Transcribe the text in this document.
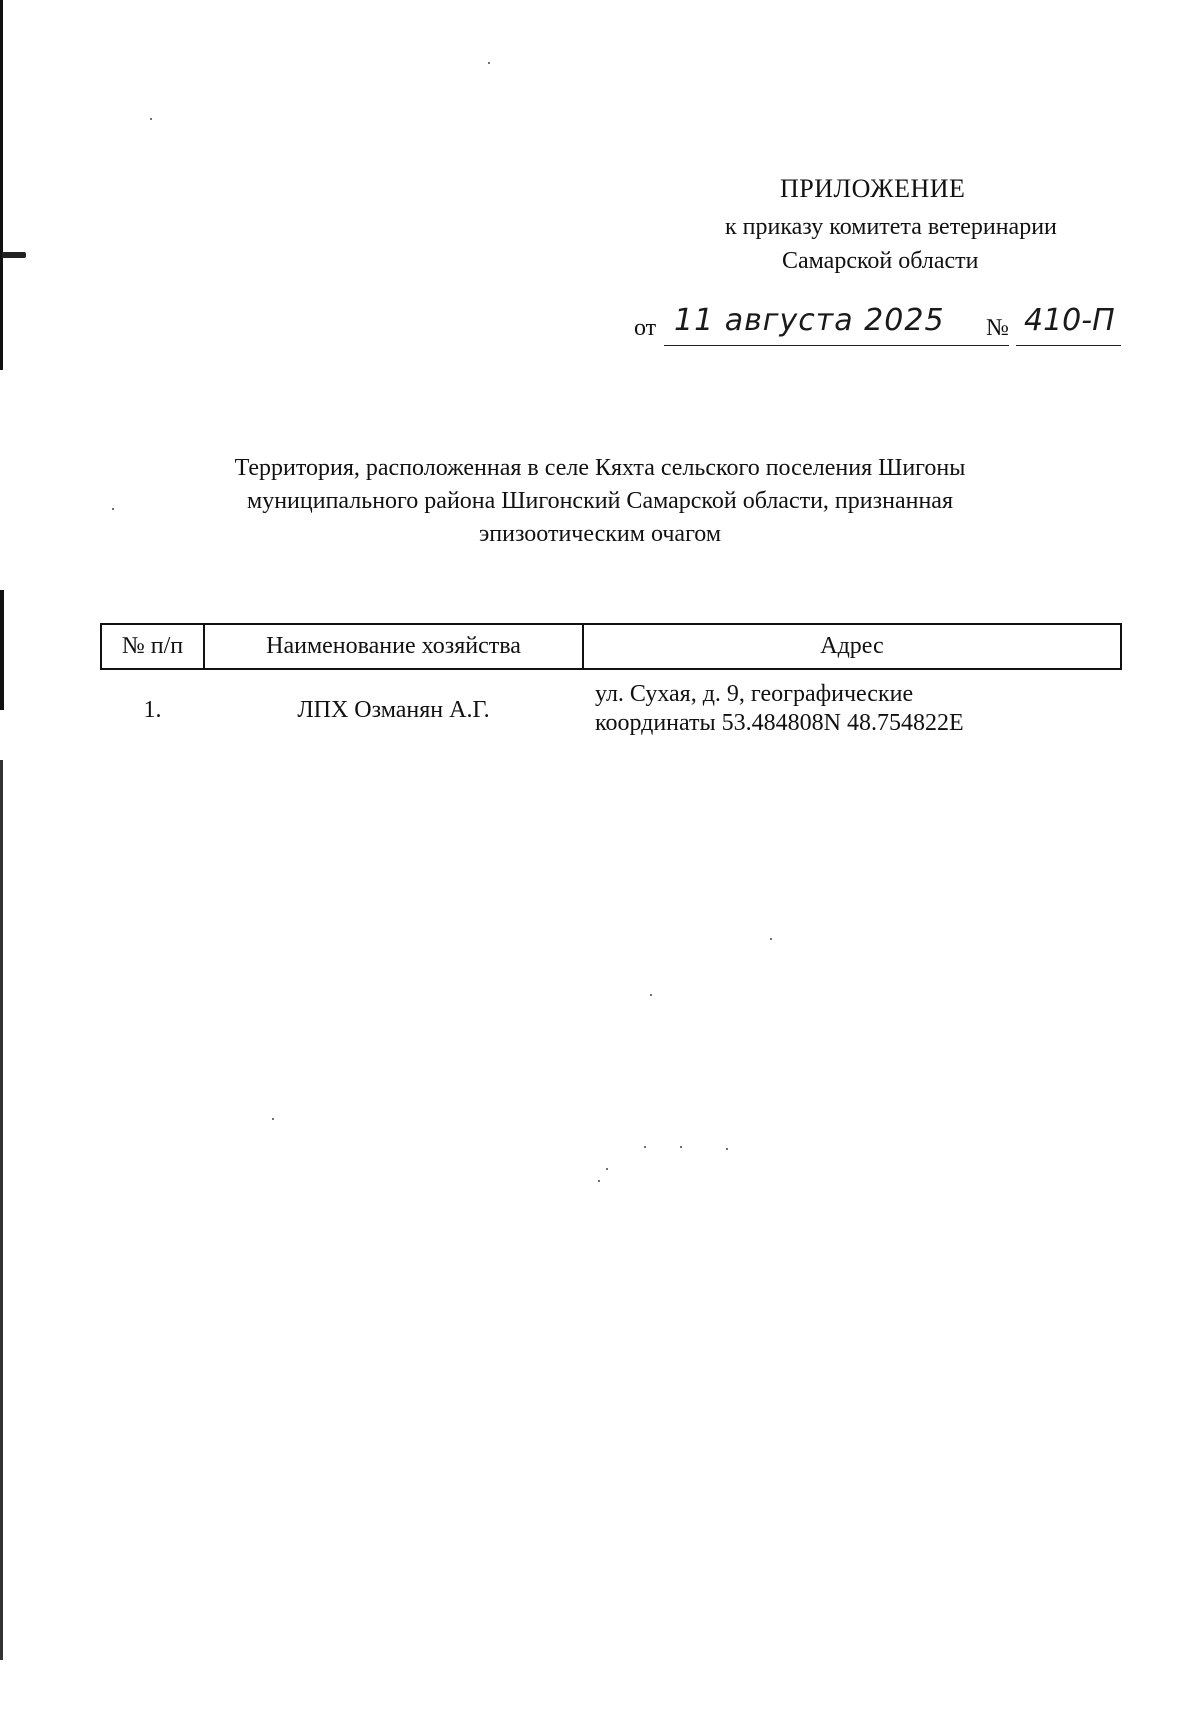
ПРИЛОЖЕНИЕ
к приказу комитета ветеринарии
Самарской области
от 11 августа 2025 № 410-П
Территория, расположенная в селе Кяхта сельского поселения Шигоны
муниципального района Шигонский Самарской области, признанная
эпизоотическим очагом
№ п/п	Наименование хозяйства	Адрес
1.	ЛПХ Озманян А.Г.	ул. Сухая, д. 9, географические
координаты 53.484808N 48.754822E
